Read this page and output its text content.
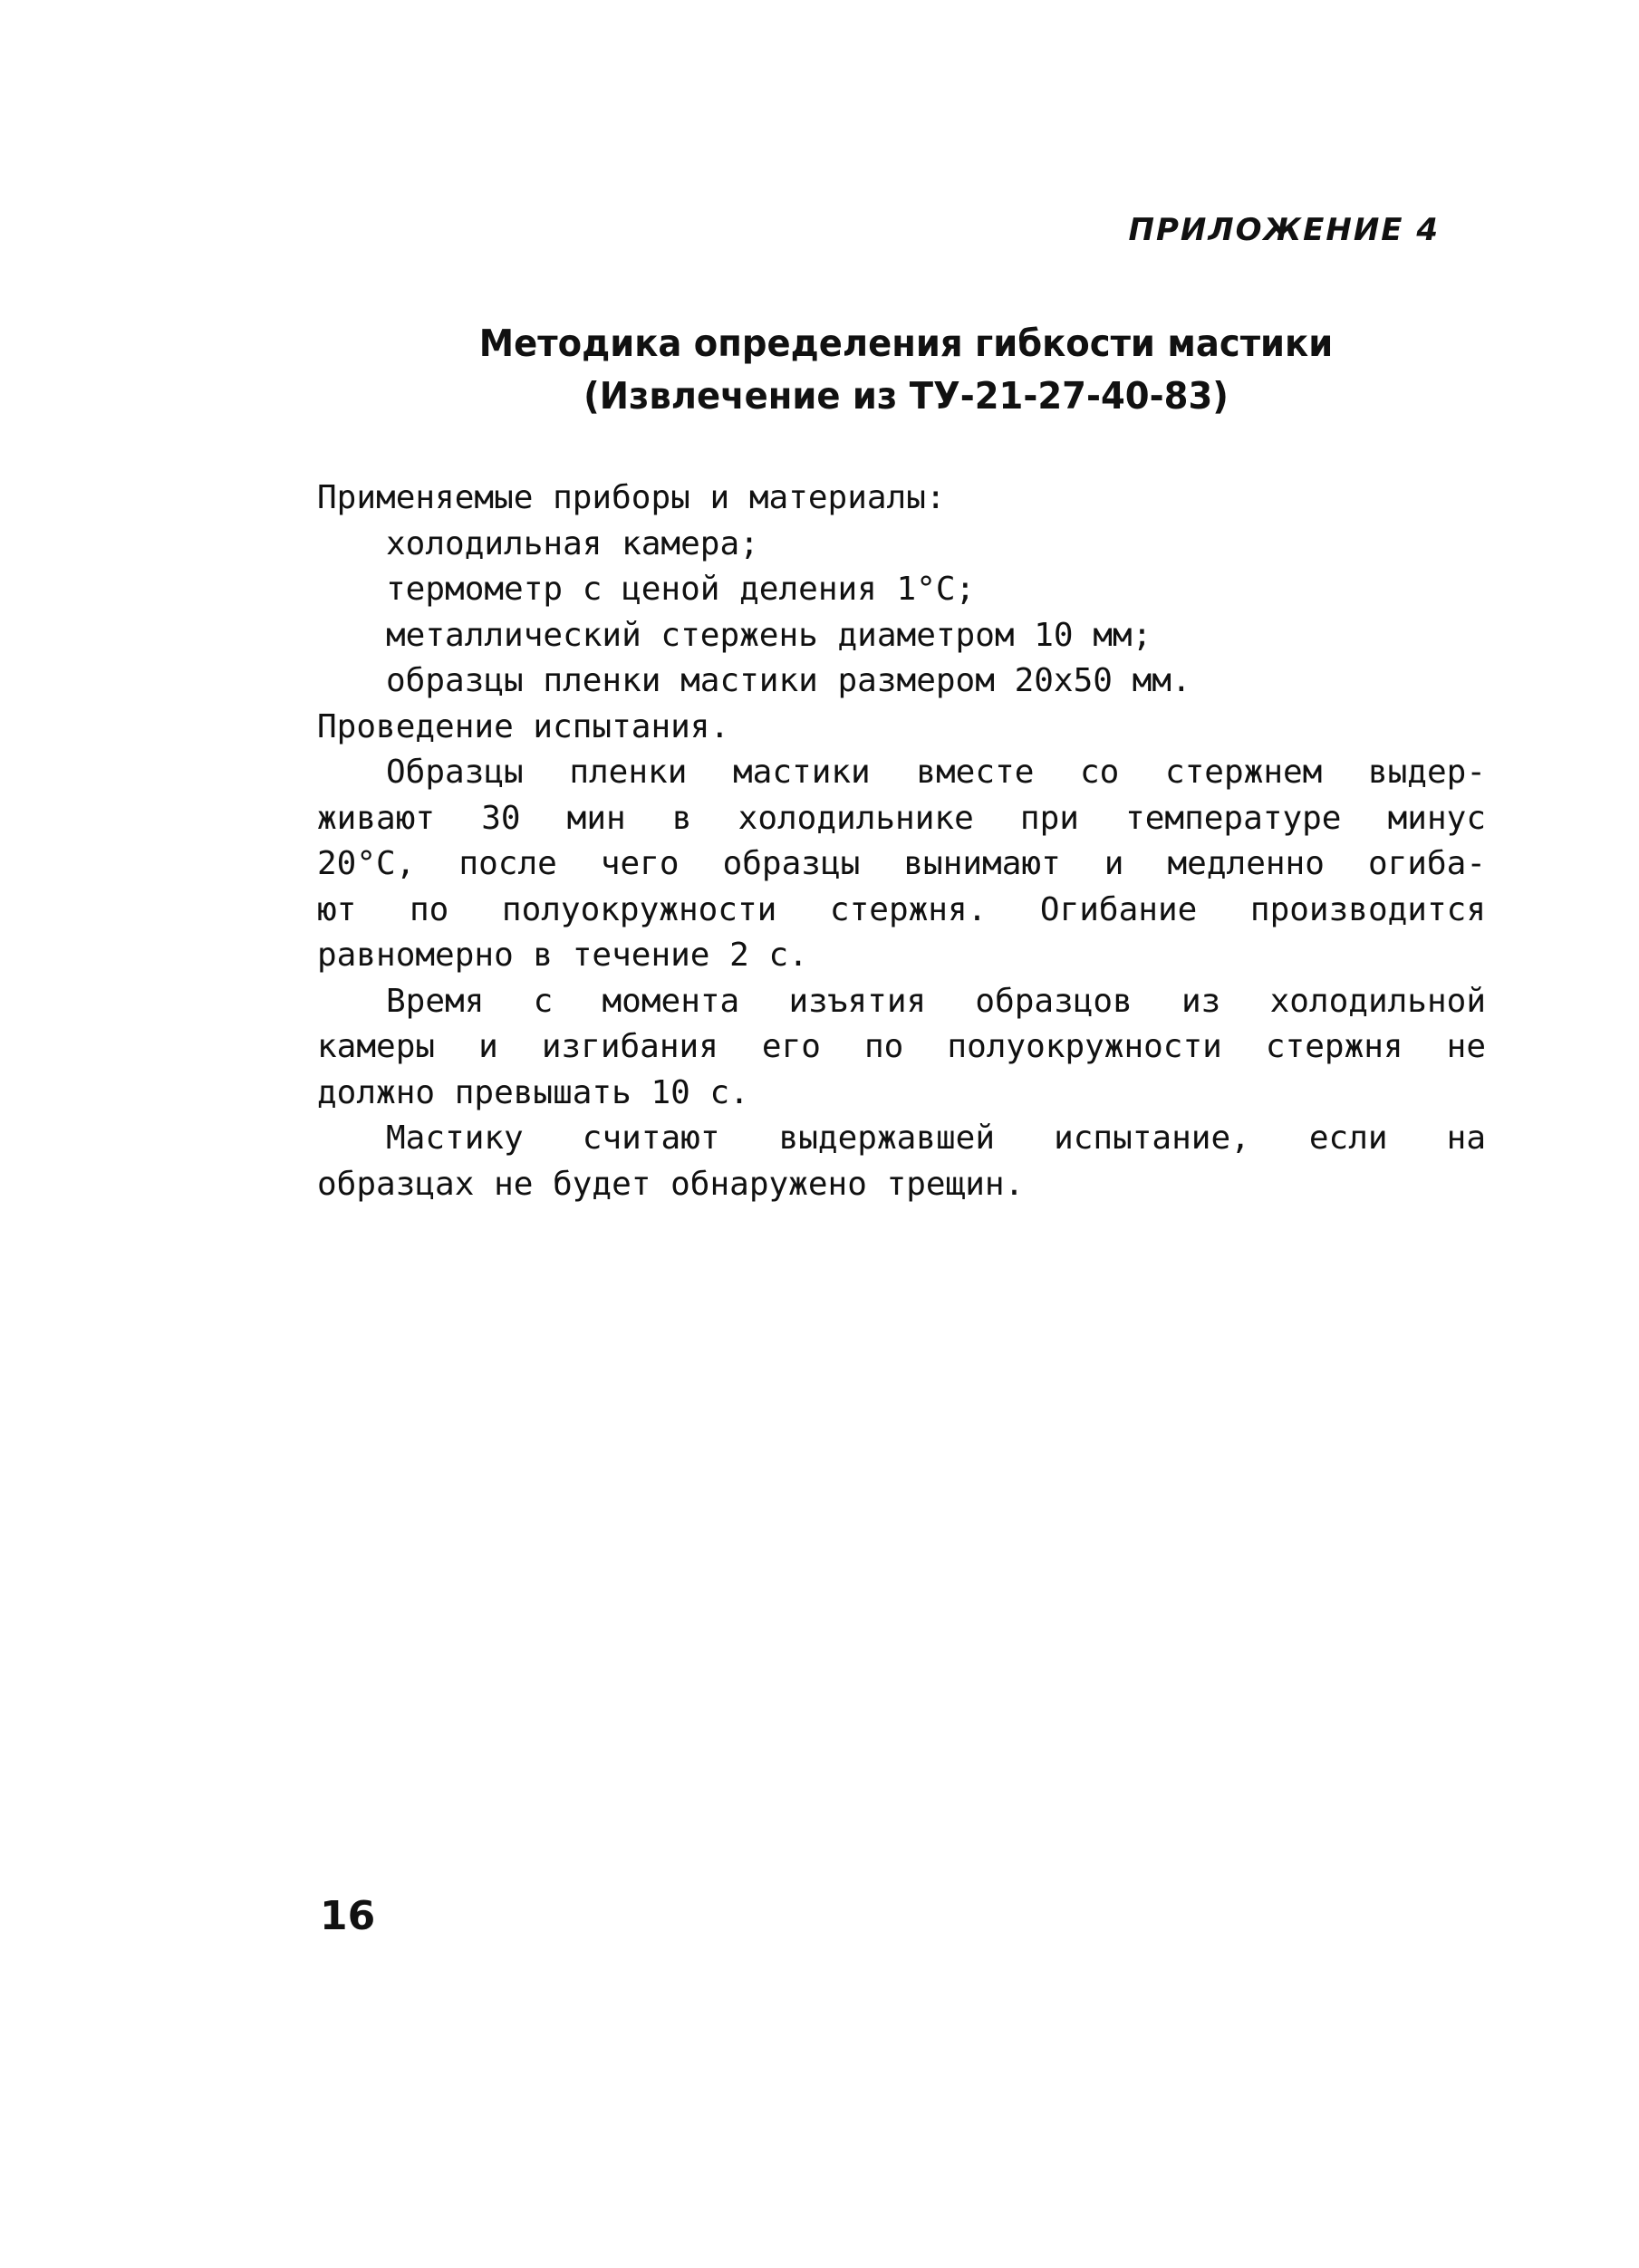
ПРИЛОЖЕНИЕ 4
Методика определения гибкости мастики
(Извлечение из ТУ-21-27-40-83)
Применяемые приборы и материалы:
холодильная камера;
термометр с ценой деления 1°С;
металлический стержень диаметром 10 мм;
образцы пленки мастики размером 20x50 мм.
Проведение испытания.
Образцы пленки мастики вместе со стержнем выдер-
живают 30 мин в холодильнике при температуре минус
20°С, после чего образцы вынимают и медленно огиба-
ют по полуокружности стержня. Огибание производится
равномерно в течение 2 с.
Время с момента изъятия образцов из холодильной
камеры и изгибания его по полуокружности стержня не
должно превышать 10 с.
Мастику считают выдержавшей испытание, если на
образцах не будет обнаружено трещин.
16
